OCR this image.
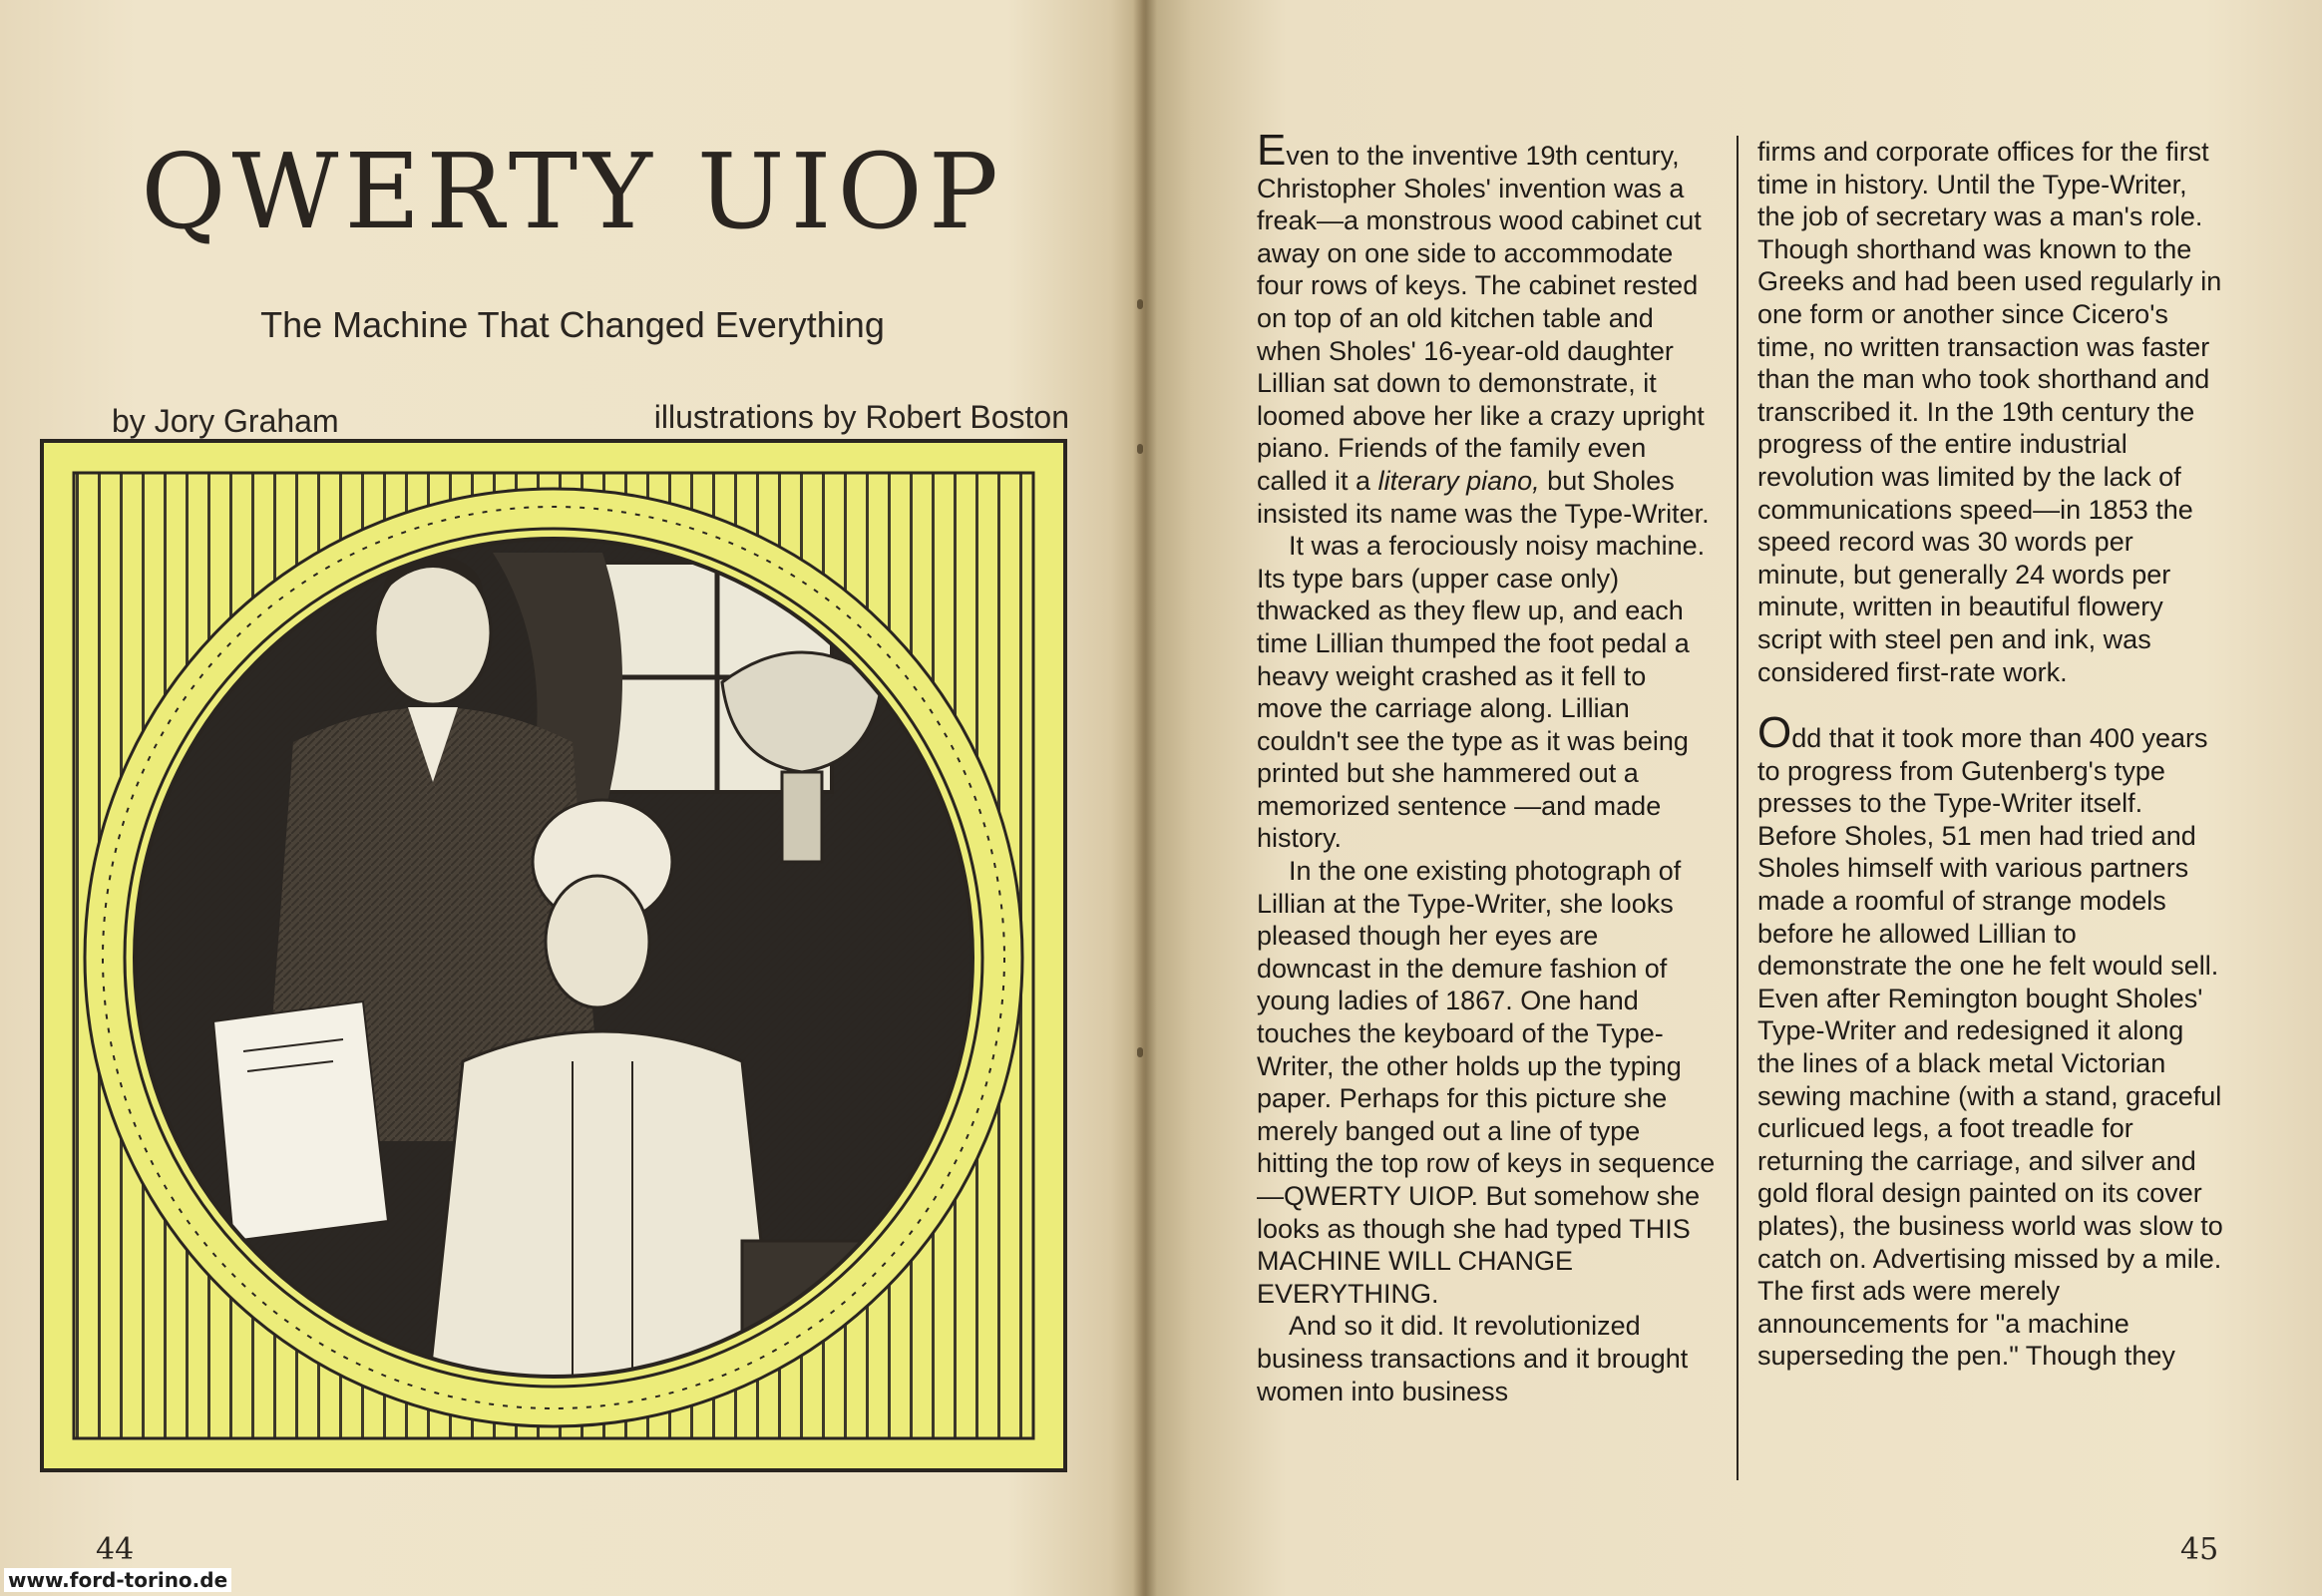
QWERTY UIOP
The Machine That Changed Everything
by Jory Graham	illustrations by Robert Boston
44

Even to the inventive 19th century, Christopher Sholes' invention was a freak—a monstrous wood cabinet cut away on one side to accommodate four rows of keys. The cabinet rested on top of an old kitchen table and when Sholes' 16-year-old daughter Lillian sat down to demonstrate, it loomed above her like a crazy upright piano. Friends of the family even called it a literary piano, but Sholes insisted its name was the Type-Writer.

It was a ferociously noisy machine. Its type bars (upper case only) thwacked as they flew up, and each time Lillian thumped the foot pedal a heavy weight crashed as it fell to move the carriage along. Lillian couldn't see the type as it was being printed but she hammered out a memorized sentence —and made history.

In the one existing photograph of Lillian at the Type-Writer, she looks pleased though her eyes are downcast in the demure fashion of young ladies of 1867. One hand touches the keyboard of the Type-Writer, the other holds up the typing paper. Perhaps for this picture she merely banged out a line of type hitting the top row of keys in sequence—QWERTY UIOP. But somehow she looks as though she had typed THIS MACHINE WILL CHANGE EVERYTHING.

And so it did. It revolutionized business transactions and it brought women into business

firms and corporate offices for the first time in history. Until the Type-Writer, the job of secretary was a man's role. Though shorthand was known to the Greeks and had been used regularly in one form or another since Cicero's time, no written transaction was faster than the man who took shorthand and transcribed it. In the 19th century the progress of the entire industrial revolution was limited by the lack of communications speed—in 1853 the speed record was 30 words per minute, but generally 24 words per minute, written in beautiful flowery script with steel pen and ink, was considered first-rate work.

Odd that it took more than 400 years to progress from Gutenberg's type presses to the Type-Writer itself. Before Sholes, 51 men had tried and Sholes himself with various partners made a roomful of strange models before he allowed Lillian to demonstrate the one he felt would sell. Even after Remington bought Sholes' Type-Writer and redesigned it along the lines of a black metal Victorian sewing machine (with a stand, graceful curlicued legs, a foot treadle for returning the carriage, and silver and gold floral design painted on its cover plates), the business world was slow to catch on. Advertising missed by a mile. The first ads were merely announcements for "a machine superseding the pen." Though they

45
www.ford-torino.de
